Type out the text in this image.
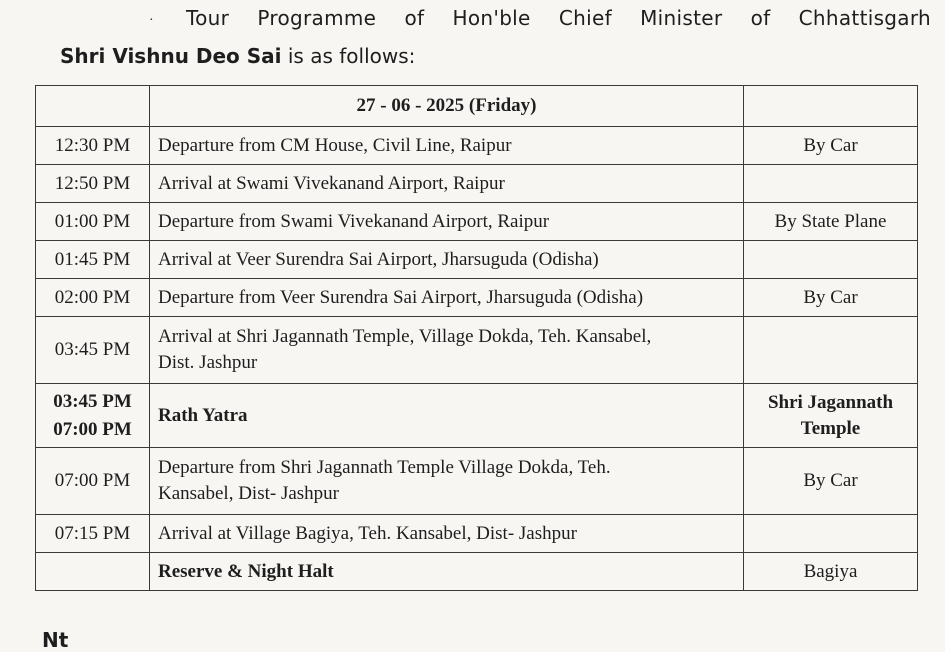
· Tour Programme of Hon'ble Chief Minister of Chhattisgarh
Shri Vishnu Deo Sai is as follows:
	27 - 06 - 2025 (Friday)	
12:30 PM	Departure from CM House, Civil Line, Raipur	By Car
12:50 PM	Arrival at Swami Vivekanand Airport, Raipur	
01:00 PM	Departure from Swami Vivekanand Airport, Raipur	By State Plane
01:45 PM	Arrival at Veer Surendra Sai Airport, Jharsuguda (Odisha)	
02:00 PM	Departure from Veer Surendra Sai Airport, Jharsuguda (Odisha)	By Car
03:45 PM	Arrival at Shri Jagannath Temple, Village Dokda, Teh. Kansabel,
Dist. Jashpur	

03:45 PM
07:00 PM	Rath Yatra	Shri Jagannath
Temple
07:00 PM	Departure from Shri Jagannath Temple Village Dokda, Teh.
Kansabel, Dist- Jashpur	By Car
07:15 PM	Arrival at Village Bagiya, Teh. Kansabel, Dist- Jashpur	
	Reserve & Night Halt	Bagiya
Nt
